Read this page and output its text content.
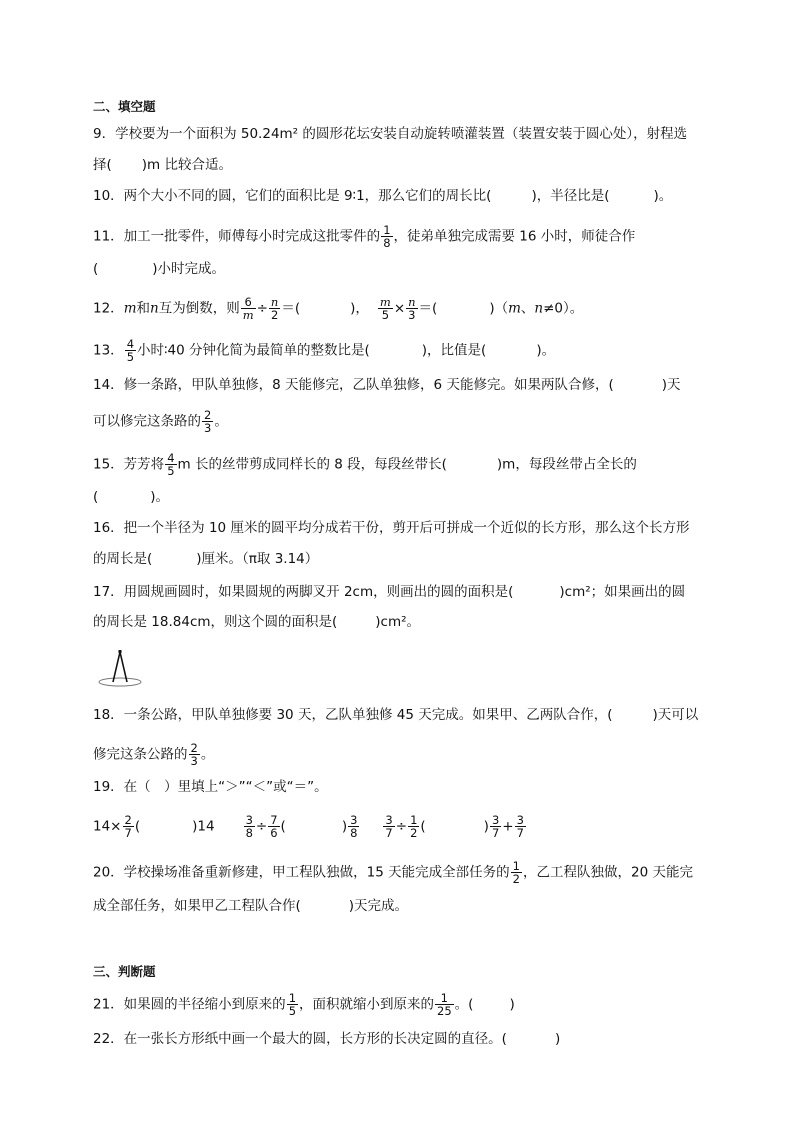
二、填空题
9．学校要为一个面积为 50.24m² 的圆形花坛安装自动旋转喷灌装置（装置安装于圆心处），射程选
择( )m 比较合适。
10．两个大小不同的圆，它们的面积比是 9∶1，那么它们的周长比(	)，半径比是(	)。
11．加工一批零件，师傅每小时完成这批零件的 $\frac{1}{8}$ ，徒弟单独完成需要 16 小时，师徒合作
(	)小时完成。
12．m和n互为倒数，则 $\frac{6}{m} \div \frac{n}{2}$ ＝(	)， $\frac{m}{5} \times \frac{n}{3}$ ＝(	)（m、n≠0）。
13． $\frac{4}{5}$ 小时∶40 分钟化简为最简单的整数比是(	)，比值是(	)。
14．修一条路，甲队单独修，8 天能修完，乙队单独修，6 天能修完。如果两队合修，(	)天
可以修完这条路的 $\frac{2}{3}$ 。
15．芳芳将 $\frac{4}{5}$ m 长的丝带剪成同样长的 8 段，每段丝带长(	)m，每段丝带占全长的
(	)。
16．把一个半径为 10 厘米的圆平均分成若干份，剪开后可拼成一个近似的长方形，那么这个长方形
的周长是(	)厘米。（π取 3.14）
17．用圆规画圆时，如果圆规的两脚叉开 2cm，则画出的圆的面积是(	)cm²；如果画出的圆
的周长是 18.84cm，则这个圆的面积是(	)cm²。
18．一条公路，甲队单独修要 30 天，乙队单独修 45 天完成。如果甲、乙两队合作，(	)天可以
修完这条公路的 $\frac{2}{3}$ 。
19．在（　）里填上“＞”“＜”或“＝”。
$14\times \frac{2}{7}$ (	)14	$\frac{3}{8} \div \frac{7}{6}$ (	) $\frac{3}{8} \frac{3}{7} \div \frac{1}{2}$ (	) $\frac{3}{7} + \frac{3}{7}$
20．学校操场准备重新修建，甲工程队独做，15 天能完成全部任务的 $\frac{1}{2}$ ，乙工程队独做，20 天能完
成全部任务，如果甲乙工程队合作(	)天完成。
三、判断题
21．如果圆的半径缩小到原来的 $\frac{1}{5}$ ，面积就缩小到原来的 $\frac{1}{25}$ 。(	)
22．在一张长方形纸中画一个最大的圆，长方形的长决定圆的直径。(	)
